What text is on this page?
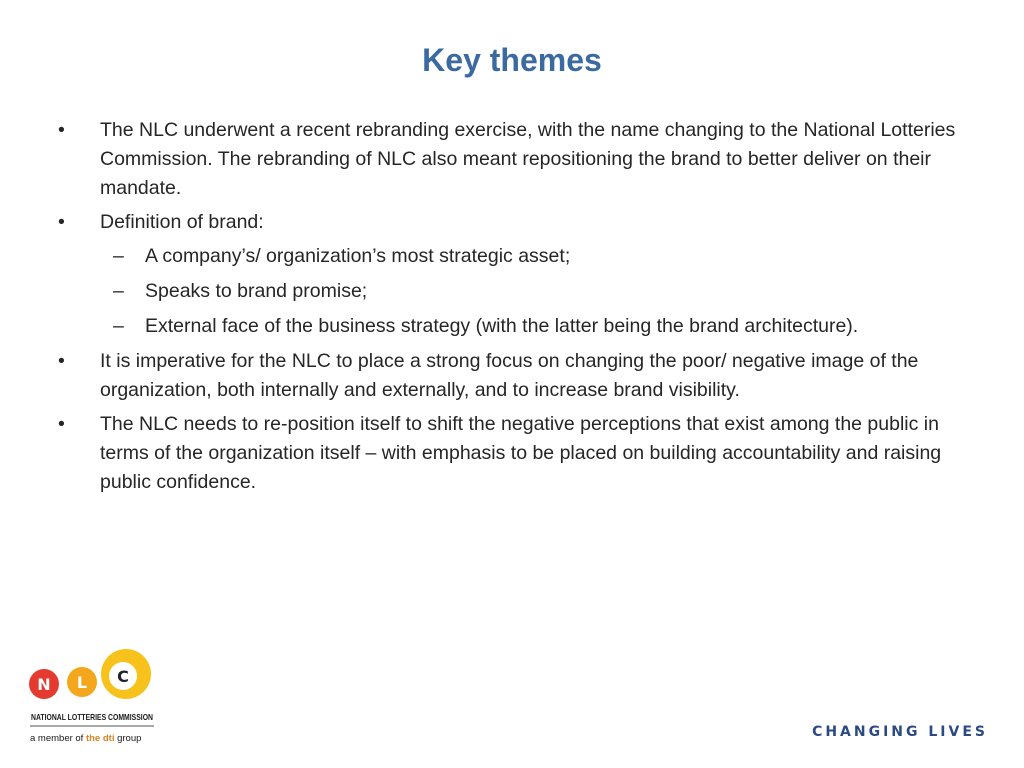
Key themes
•	The NLC underwent a recent rebranding exercise, with the name changing to the National Lotteries Commission. The rebranding of NLC also meant repositioning the brand to better deliver on their mandate.
•	Definition of brand:
–	A company’s/ organization’s most strategic asset;
–	Speaks to brand promise;
–	External face of the business strategy (with the latter being the brand architecture).
•	It is imperative for the NLC to place a strong focus on changing the poor/ negative image of the organization, both internally and externally, and to increase brand visibility.
•	The NLC needs to re-position itself to shift the negative perceptions that exist among the public in terms of the organization itself – with emphasis to be placed on building accountability and raising public confidence.
N L C
NATIONAL LOTTERIES COMMISSION
a member of the dti group	CHANGING LIVES
